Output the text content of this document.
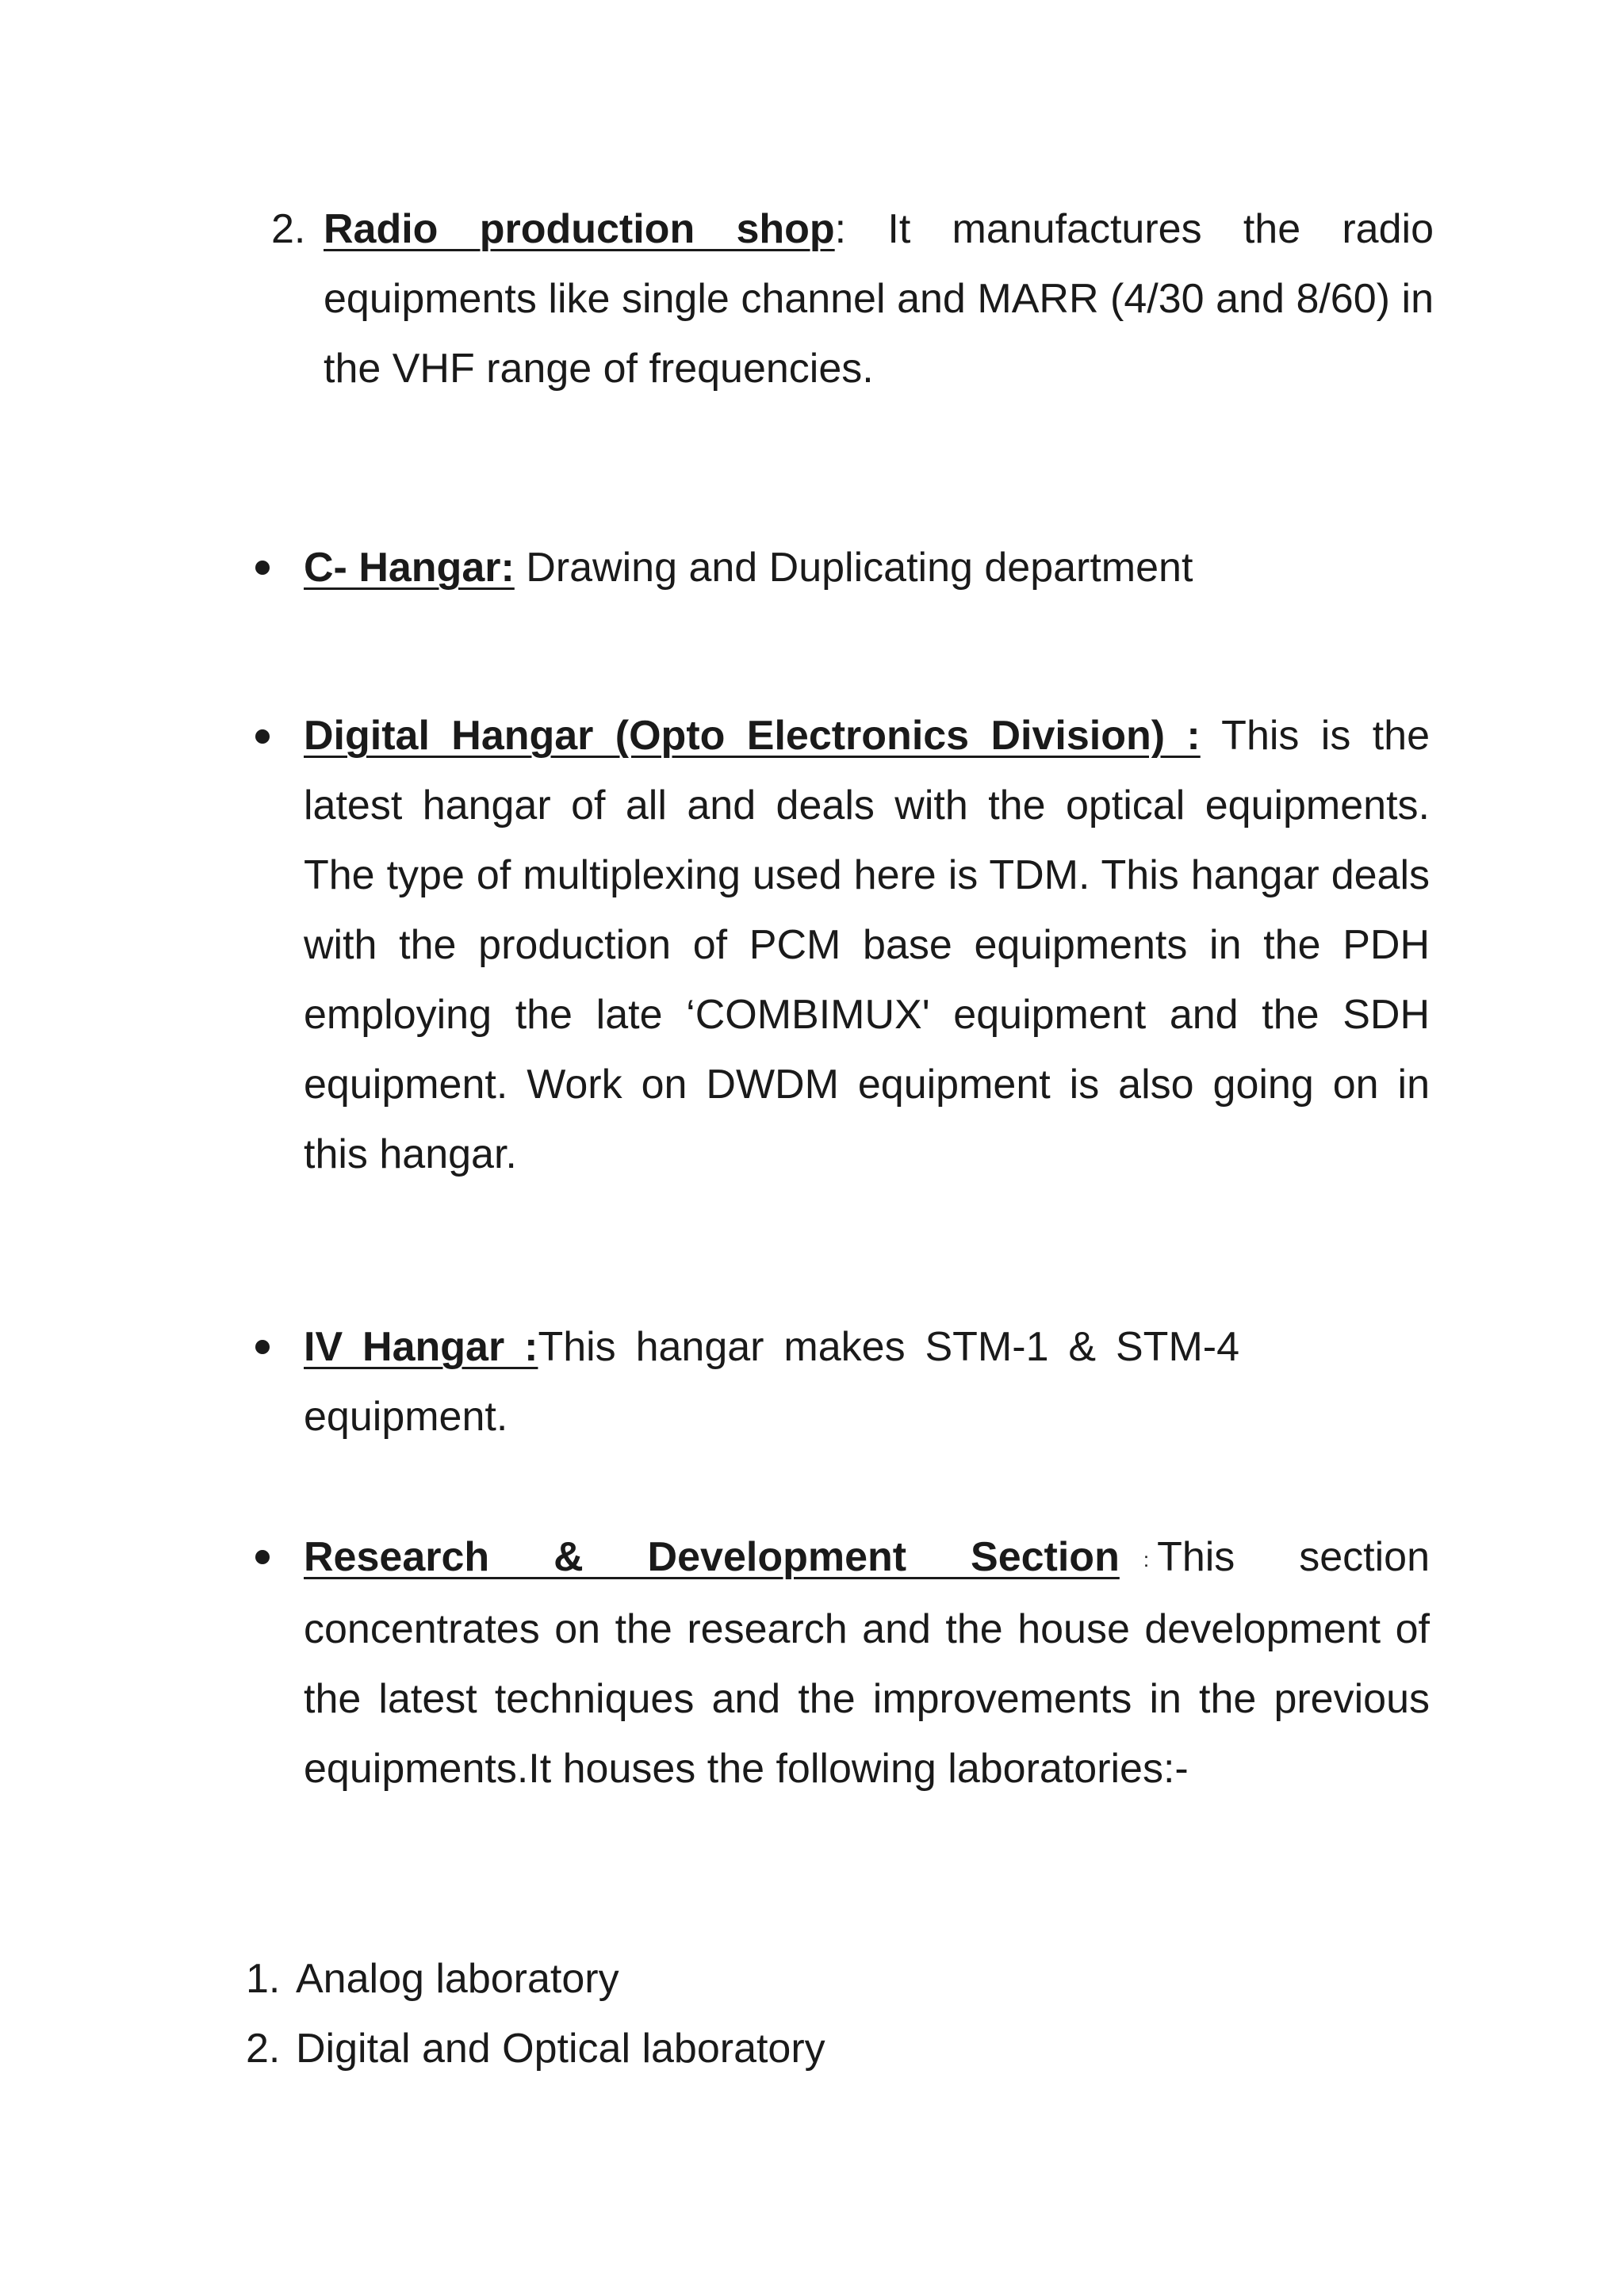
2. Radio production shop: It manufactures the radio equipments like single channel and MARR (4/30 and 8/60) in the VHF range of frequencies.
C- Hangar: Drawing and Duplicating department
Digital Hangar (Opto Electronics Division) : This is the latest hangar of all and deals with the optical equipments. The type of multiplexing used here is TDM. This hangar deals with the production of PCM base equipments in the PDH employing the late ‘COMBIMUX' equipment and the SDH equipment. Work on DWDM equipment is also going on in this hangar.
IV Hangar :This hangar makes STM-1 & STM-4 equipment.
Research & Development Section : This section concentrates on the research and the house development of the latest techniques and the improvements in the previous equipments.It houses the following laboratories:-
1. Analog laboratory
2. Digital and Optical laboratory
